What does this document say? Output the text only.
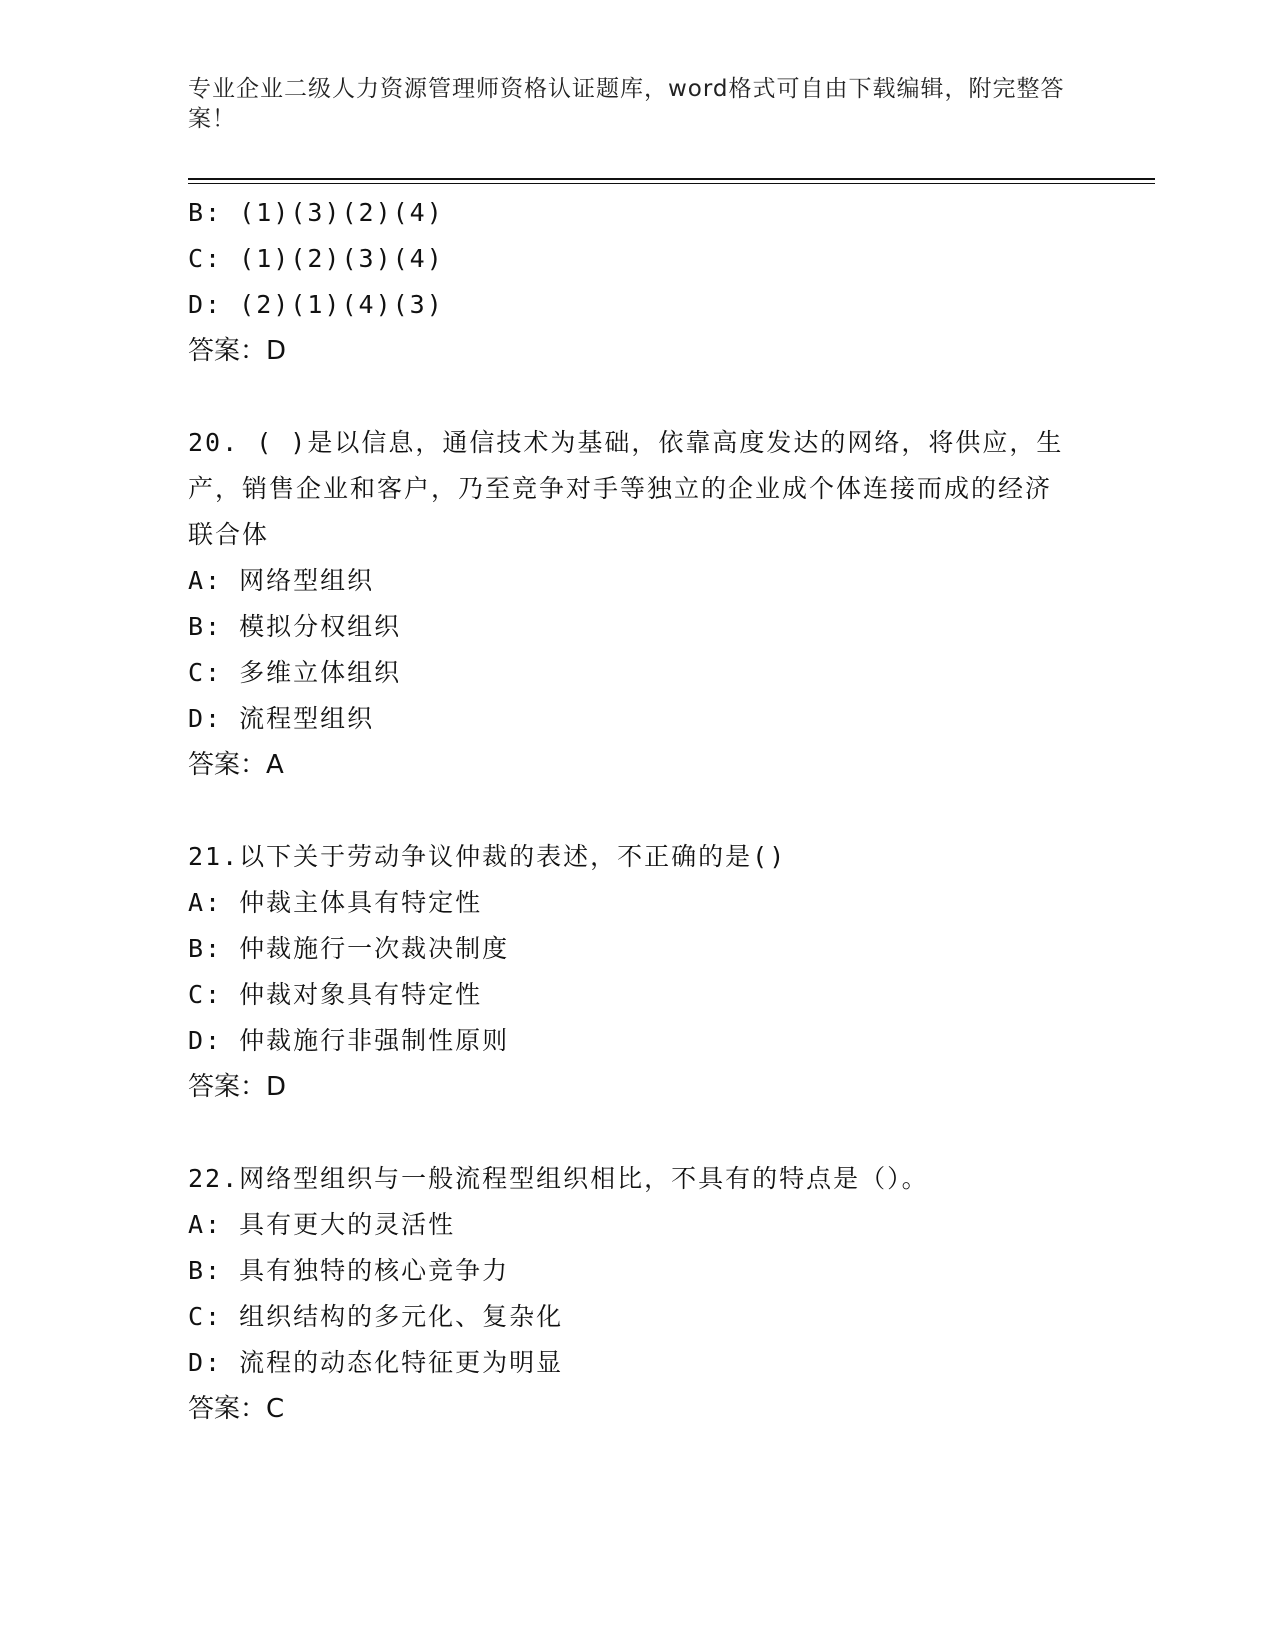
专业企业二级人力资源管理师资格认证题库，word格式可自由下载编辑，附完整答案！
B: (1)(3)(2)(4)
C: (1)(2)(3)(4)
D: (2)(1)(4)(3)
答案：D
20. ( )是以信息，通信技术为基础，依靠高度发达的网络，将供应，生产，销售企业和客户，乃至竞争对手等独立的企业成个体连接而成的经济联合体
A: 网络型组织
B: 模拟分权组织
C: 多维立体组织
D: 流程型组织
答案：A
21.以下关于劳动争议仲裁的表述，不正确的是()
A: 仲裁主体具有特定性
B: 仲裁施行一次裁决制度
C: 仲裁对象具有特定性
D: 仲裁施行非强制性原则
答案：D
22.网络型组织与一般流程型组织相比，不具有的特点是（）。
A: 具有更大的灵活性
B: 具有独特的核心竞争力
C: 组织结构的多元化、复杂化
D: 流程的动态化特征更为明显
答案：C
